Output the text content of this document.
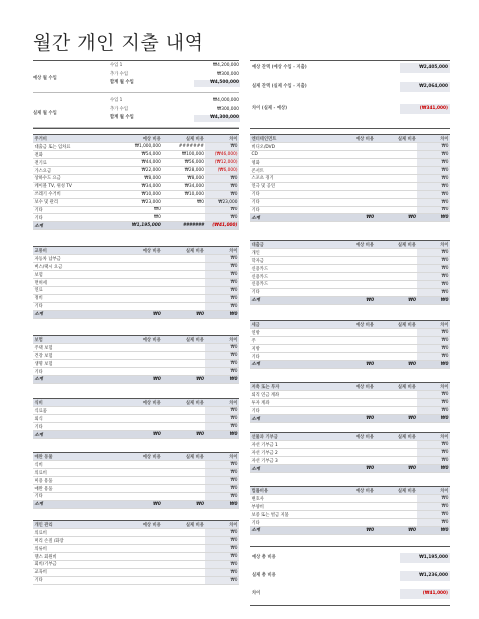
월간 개인 지출 내역
예상 월 수입
수입 1	₩4,200,000
추가 수입	₩300,000
합계 월 수입	₩4,500,000
실제 월 수입
수입 1	₩4,000,000
추가 수입	₩300,000
합계 월 수입	₩4,300,000
예상 잔액 (예상 수입 - 지출)	₩2,405,000
실제 잔액 (실제 수입 - 지출)	₩2,064,000
차이 (실제 - 예상)	(₩341,000)
주거비	예상 비용	실제 비용	차이
대출금 또는 임차료	₩1,000,000	#######	₩0
전화	₩54,000	₩100,000	(₩46,000)
전기료	₩44,000	₩56,000	(₩12,000)
가스요금	₩22,000	₩28,000	(₩6,000)
상하수도 요금	₩8,000	₩8,000	₩0
케이블 TV, 위성 TV	₩34,000	₩34,000	₩0
쓰레기 수거비	₩10,000	₩10,000	₩0
보수 및 관리	₩23,000	₩0	₩23,000
기타	₩0		₩0
기타	₩0		₩0
소계	₩1,195,000	#######	(₩41,000)
교통비	예상 비용	실제 비용	차이
자동차 납부금			₩0
버스/택시 요금			₩0
보험			₩0
면허세			₩0
연료			₩0
정비			₩0
기타			₩0
소계	₩0	₩0	₩0
보험	예상 비용	실제 비용	차이
주택 보험			₩0
건강 보험			₩0
생명 보험			₩0
기타			₩0
소계	₩0	₩0	₩0
식비	예상 비용	실제 비용	차이
식료품			₩0
외식			₩0
기타			₩0
소계	₩0	₩0	₩0
애완 동물	예상 비용	실제 비용	차이
식비			₩0
의료비			₩0
미용 용품			₩0
애완 용품			₩0
기타			₩0
소계	₩0	₩0	₩0
개인 관리	예상 비용	실제 비용	차이
의료비			₩0
머리 손질 /화장			₩0
의류비			₩0
헬스 회원비			₩0
회비/기부금			₩0
교육비			₩0
기타			₩0
엔터테인먼트	예상 비용	실제 비용	차이
비디오/DVD			₩0
CD			₩0
영화			₩0
콘서트			₩0
스포츠 경기			₩0
연극 및 공연			₩0
기타			₩0
기타			₩0
기타			₩0
소계	₩0	₩0	₩0
대출금	예상 비용	실제 비용	차이
개인			₩0
학자금			₩0
신용카드			₩0
신용카드			₩0
신용카드			₩0
기타			₩0
소계	₩0	₩0	₩0
세금	예상 비용	실제 비용	차이
연방			₩0
주			₩0
지방			₩0
기타			₩0
소계	₩0	₩0	₩0
저축 또는 투자	예상 비용	실제 비용	차이
퇴직 연금 계좌			₩0
투자 계좌			₩0
기타			₩0
소계	₩0	₩0	₩0
선물과 기부금	예상 비용	실제 비용	차이
자선 기부금 1			₩0
자선 기부금 2			₩0
자선 기부금 3			₩0
소계	₩0	₩0	₩0
법률비용	예상 비용	실제 비용	차이
변호사			₩0
부양비			₩0
보증 또는 벌금 지불			₩0
기타			₩0
소계	₩0	₩0	₩0
예상 총 비용	₩1,195,000
실제 총 비용	₩1,236,000
차이	(₩41,000)
